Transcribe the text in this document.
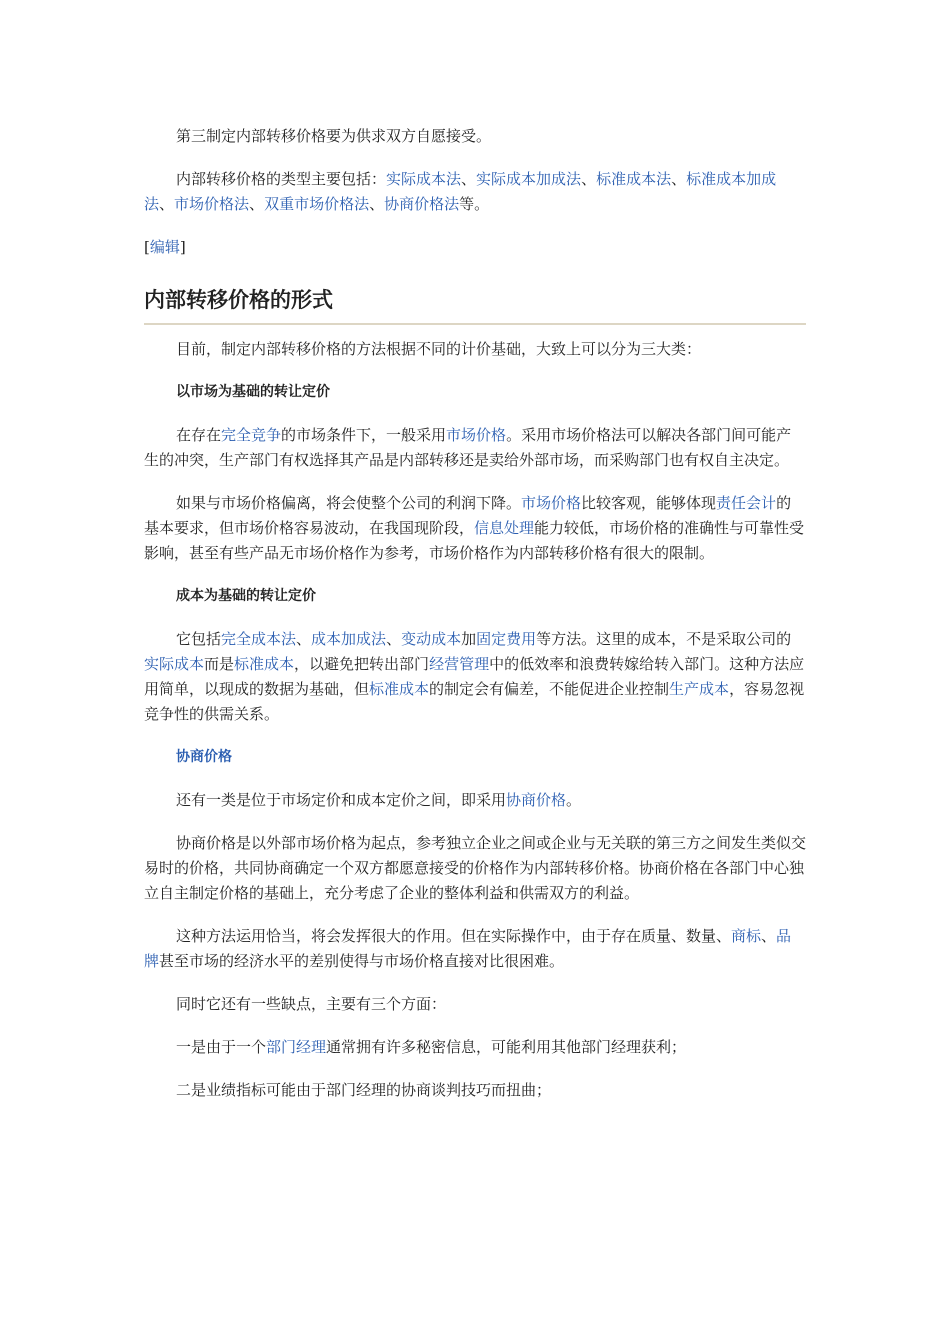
第三制定内部转移价格要为供求双方自愿接受。

内部转移价格的类型主要包括：实际成本法、实际成本加成法、标准成本法、标准成本加成法、市场价格法、双重市场价格法、协商价格法等。

[编辑]

内部转移价格的形式

目前，制定内部转移价格的方法根据不同的计价基础，大致上可以分为三大类：

以市场为基础的转让定价

在存在完全竞争的市场条件下，一般采用市场价格。采用市场价格法可以解决各部门间可能产生的冲突，生产部门有权选择其产品是内部转移还是卖给外部市场，而采购部门也有权自主决定。

如果与市场价格偏离，将会使整个公司的利润下降。市场价格比较客观，能够体现责任会计的基本要求，但市场价格容易波动，在我国现阶段，信息处理能力较低，市场价格的准确性与可靠性受影响，甚至有些产品无市场价格作为参考，市场价格作为内部转移价格有很大的限制。

成本为基础的转让定价

它包括完全成本法、成本加成法、变动成本加固定费用等方法。这里的成本，不是采取公司的实际成本而是标准成本，以避免把转出部门经营管理中的低效率和浪费转嫁给转入部门。这种方法应用简单，以现成的数据为基础，但标准成本的制定会有偏差，不能促进企业控制生产成本，容易忽视竞争性的供需关系。

协商价格

还有一类是位于市场定价和成本定价之间，即采用协商价格。

协商价格是以外部市场价格为起点，参考独立企业之间或企业与无关联的第三方之间发生类似交易时的价格，共同协商确定一个双方都愿意接受的价格作为内部转移价格。协商价格在各部门中心独立自主制定价格的基础上，充分考虑了企业的整体利益和供需双方的利益。

这种方法运用恰当，将会发挥很大的作用。但在实际操作中，由于存在质量、数量、商标、品牌甚至市场的经济水平的差别使得与市场价格直接对比很困难。

同时它还有一些缺点，主要有三个方面：

一是由于一个部门经理通常拥有许多秘密信息，可能利用其他部门经理获利；

二是业绩指标可能由于部门经理的协商谈判技巧而扭曲；
